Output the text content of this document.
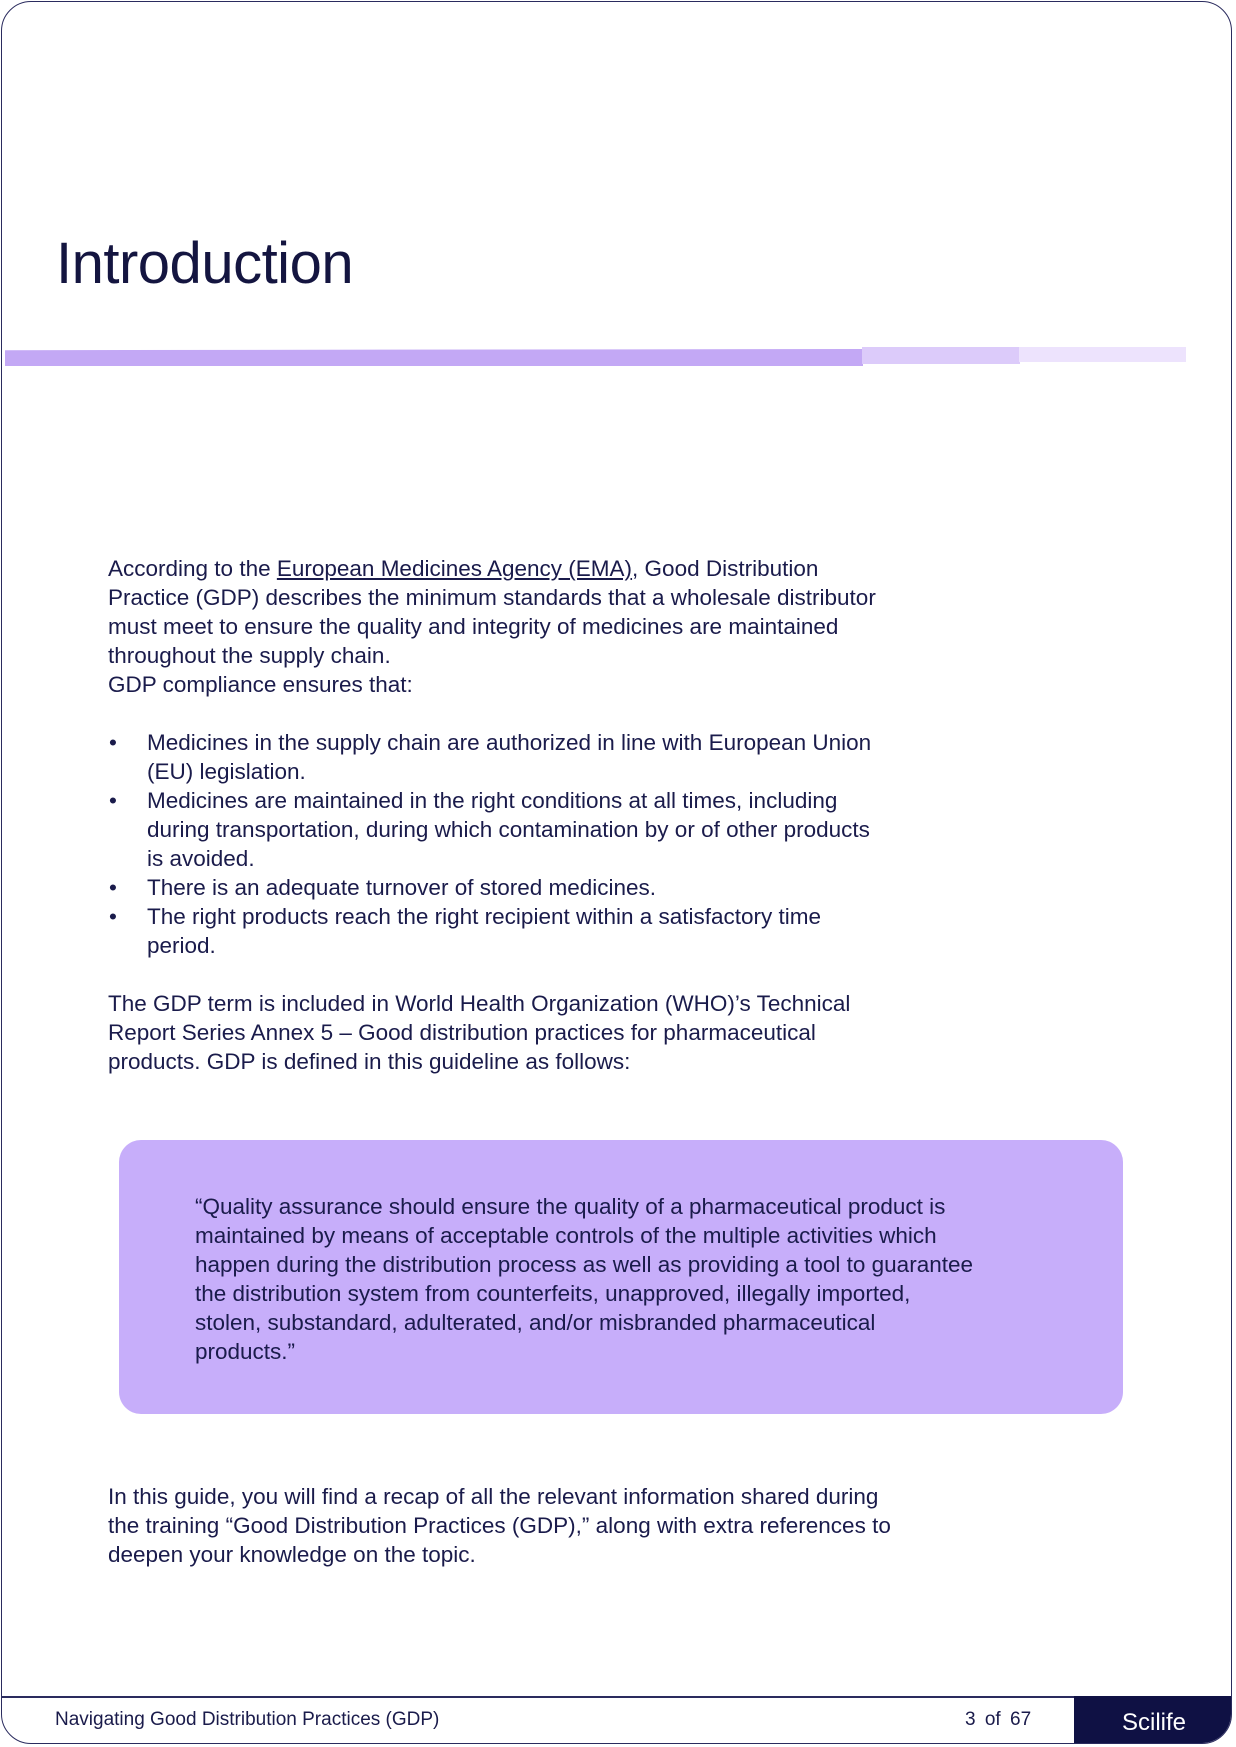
Introduction

According to the European Medicines Agency (EMA), Good Distribution

Practice (GDP) describes the minimum standards that a wholesale distributor

must meet to ensure the quality and integrity of medicines are maintained

throughout the supply chain.

GDP compliance ensures that:

• Medicines in the supply chain are authorized in line with European Union
(EU) legislation.
• Medicines are maintained in the right conditions at all times, including
during transportation, during which contamination by or of other products
is avoided.
• There is an adequate turnover of stored medicines.
• The right products reach the right recipient within a satisfactory time
period.

The GDP term is included in World Health Organization (WHO)’s Technical

Report Series Annex 5 – Good distribution practices for pharmaceutical

products. GDP is defined in this guideline as follows:

“Quality assurance should ensure the quality of a pharmaceutical product is

maintained by means of acceptable controls of the multiple activities which

happen during the distribution process as well as providing a tool to guarantee

the distribution system from counterfeits, unapproved, illegally imported,

stolen, substandard, adulterated, and/or misbranded pharmaceutical

products.”

In this guide, you will find a recap of all the relevant information shared during

the training “Good Distribution Practices (GDP),” along with extra references to

deepen your knowledge on the topic.

Navigating Good Distribution Practices (GDP)	3 of 67	Scilife
